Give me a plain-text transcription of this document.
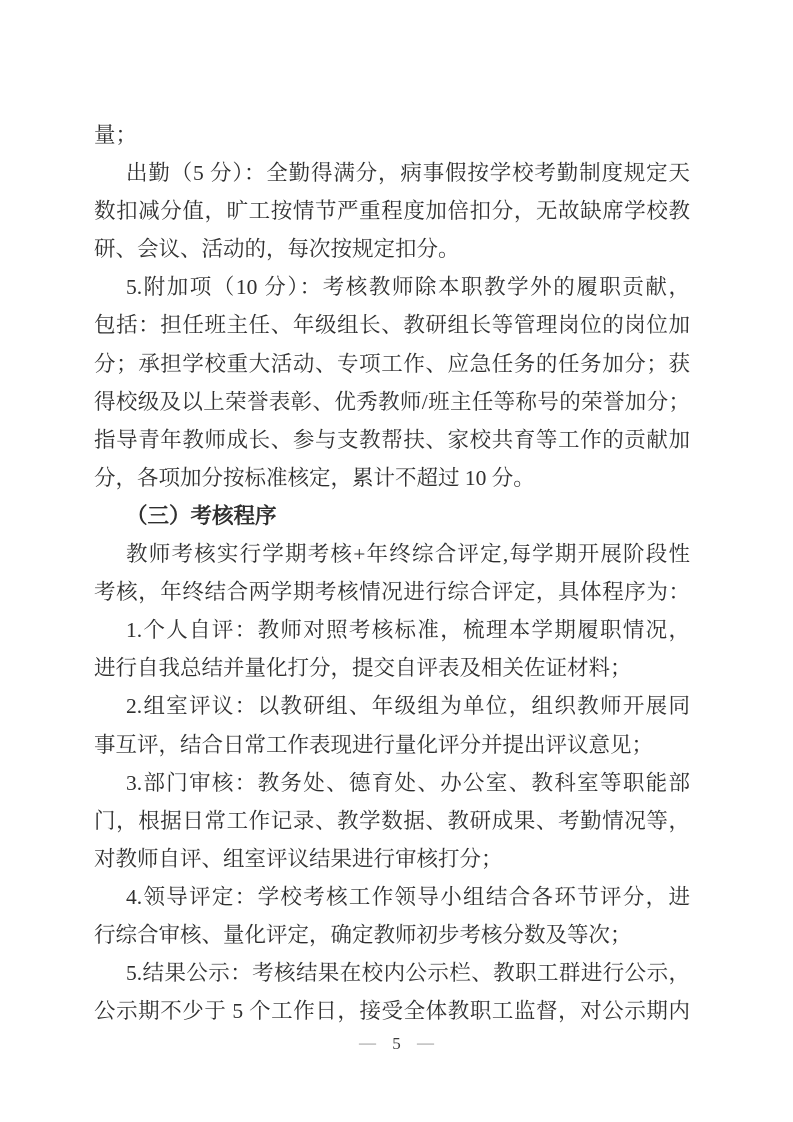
量；
出勤（5 分）：全勤得满分，病事假按学校考勤制度规定天
数扣减分值，旷工按情节严重程度加倍扣分，无故缺席学校教
研、会议、活动的，每次按规定扣分。
5.附加项（10 分）：考核教师除本职教学外的履职贡献，
包括：担任班主任、年级组长、教研组长等管理岗位的岗位加
分；承担学校重大活动、专项工作、应急任务的任务加分；获
得校级及以上荣誉表彰、优秀教师/班主任等称号的荣誉加分；
指导青年教师成长、参与支教帮扶、家校共育等工作的贡献加
分，各项加分按标准核定，累计不超过 10 分。
（三）考核程序
教师考核实行学期考核+年终综合评定,每学期开展阶段性
考核，年终结合两学期考核情况进行综合评定，具体程序为：
1.个人自评：教师对照考核标准，梳理本学期履职情况，
进行自我总结并量化打分，提交自评表及相关佐证材料；
2.组室评议：以教研组、年级组为单位，组织教师开展同
事互评，结合日常工作表现进行量化评分并提出评议意见；
3.部门审核：教务处、德育处、办公室、教科室等职能部
门，根据日常工作记录、教学数据、教研成果、考勤情况等，
对教师自评、组室评议结果进行审核打分；
4.领导评定：学校考核工作领导小组结合各环节评分，进
行综合审核、量化评定，确定教师初步考核分数及等次；
5.结果公示：考核结果在校内公示栏、教职工群进行公示，
公示期不少于 5 个工作日，接受全体教职工监督，对公示期内
— 5 —
